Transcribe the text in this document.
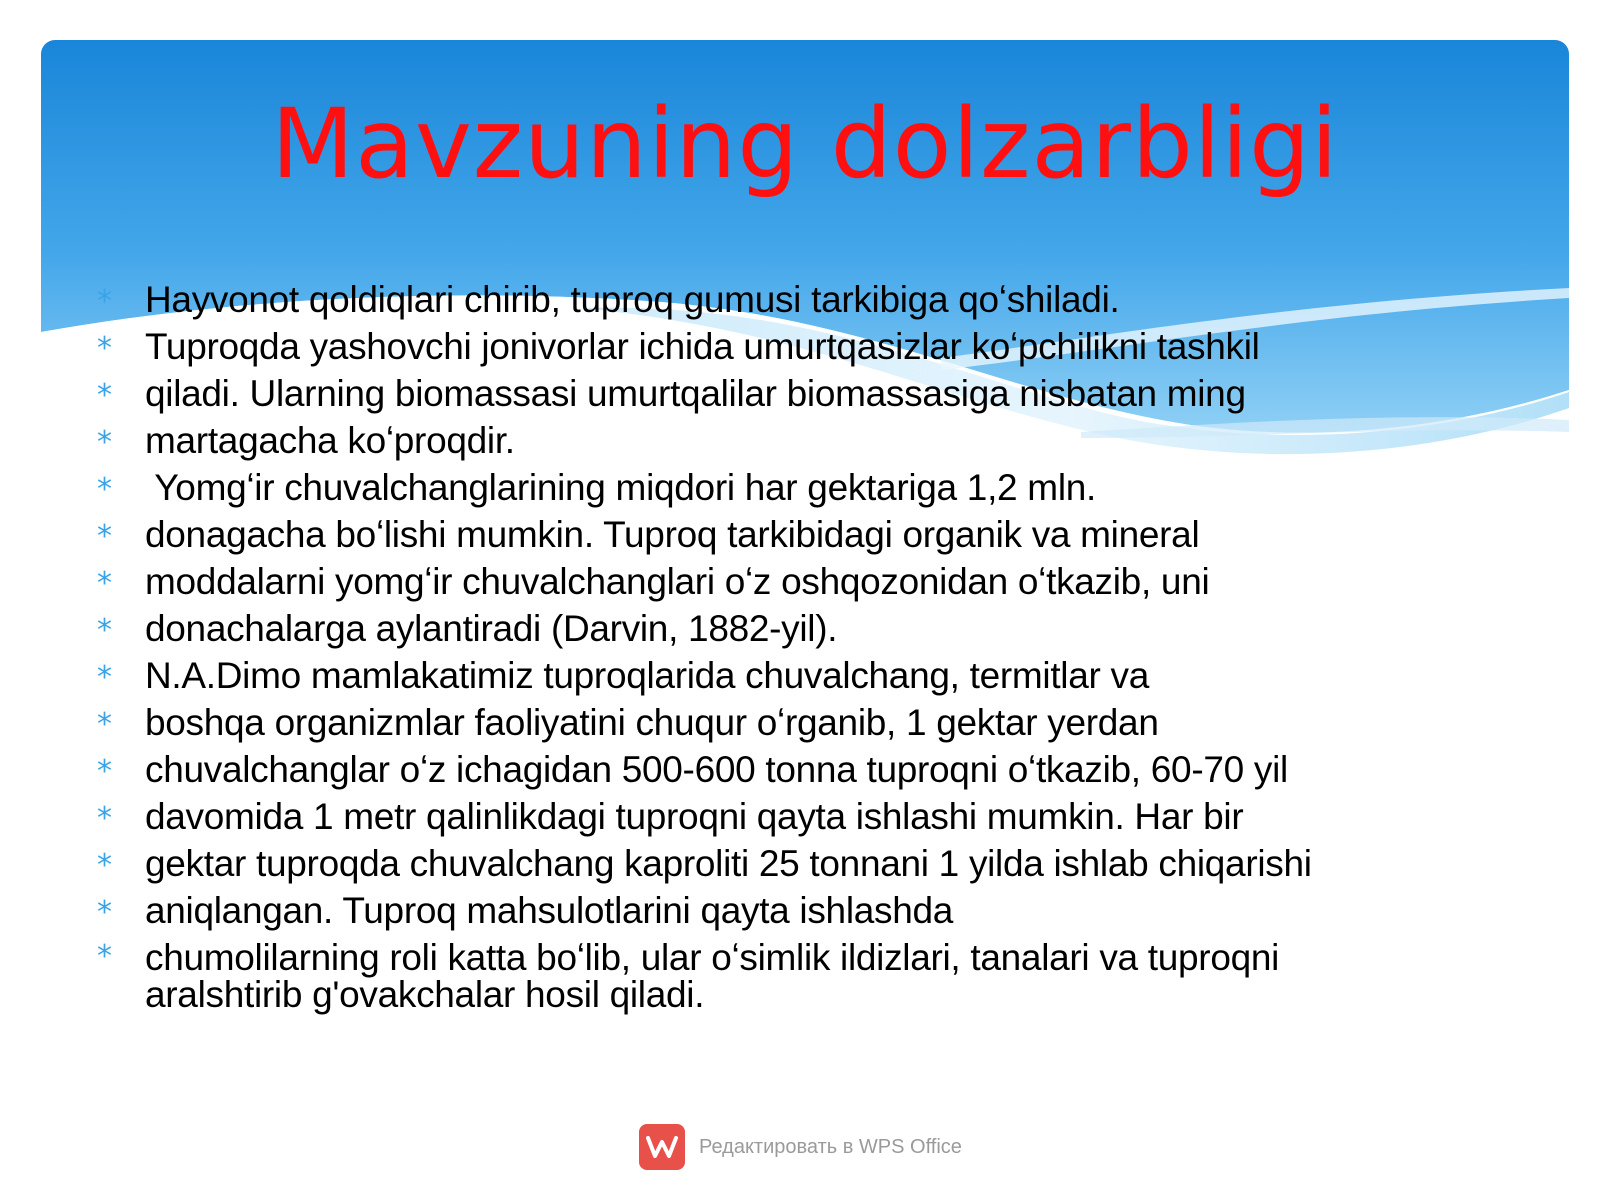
Mavzuning dolzarbligi
* Hayvonot qoldiqlari chirib, tuproq gumusi tarkibiga qoʻshiladi.
* Tuproqda yashovchi jonivorlar ichida umurtqasizlar koʻpchilikni tashkil
* qiladi. Ularning biomassasi umurtqalilar biomassasiga nisbatan ming
* martagacha koʻproqdir.
* Yomgʻir chuvalchanglarining miqdori har gektariga 1,2 mln.
* donagacha boʻlishi mumkin. Tuproq tarkibidagi organik va mineral
* moddalarni yomgʻir chuvalchanglari oʻz oshqozonidan oʻtkazib, uni
* donachalarga aylantiradi (Darvin, 1882-yil).
* N.A.Dimo mamlakatimiz tuproqlarida chuvalchang, termitlar va
* boshqa organizmlar faoliyatini chuqur oʻrganib, 1 gektar yerdan
* chuvalchanglar oʻz ichagidan 500-600 tonna tuproqni oʻtkazib, 60-70 yil
* davomida 1 metr qalinlikdagi tuproqni qayta ishlashi mumkin. Har bir
* gektar tuproqda chuvalchang kaproliti 25 tonnani 1 yilda ishlab chiqarishi
* aniqlangan. Tuproq mahsulotlarini qayta ishlashda
* chumolilarning roli katta boʻlib, ular oʻsimlik ildizlari, tanalari va tuproqni aralshtirib g'ovakchalar hosil qiladi.
Редактировать в WPS Office
